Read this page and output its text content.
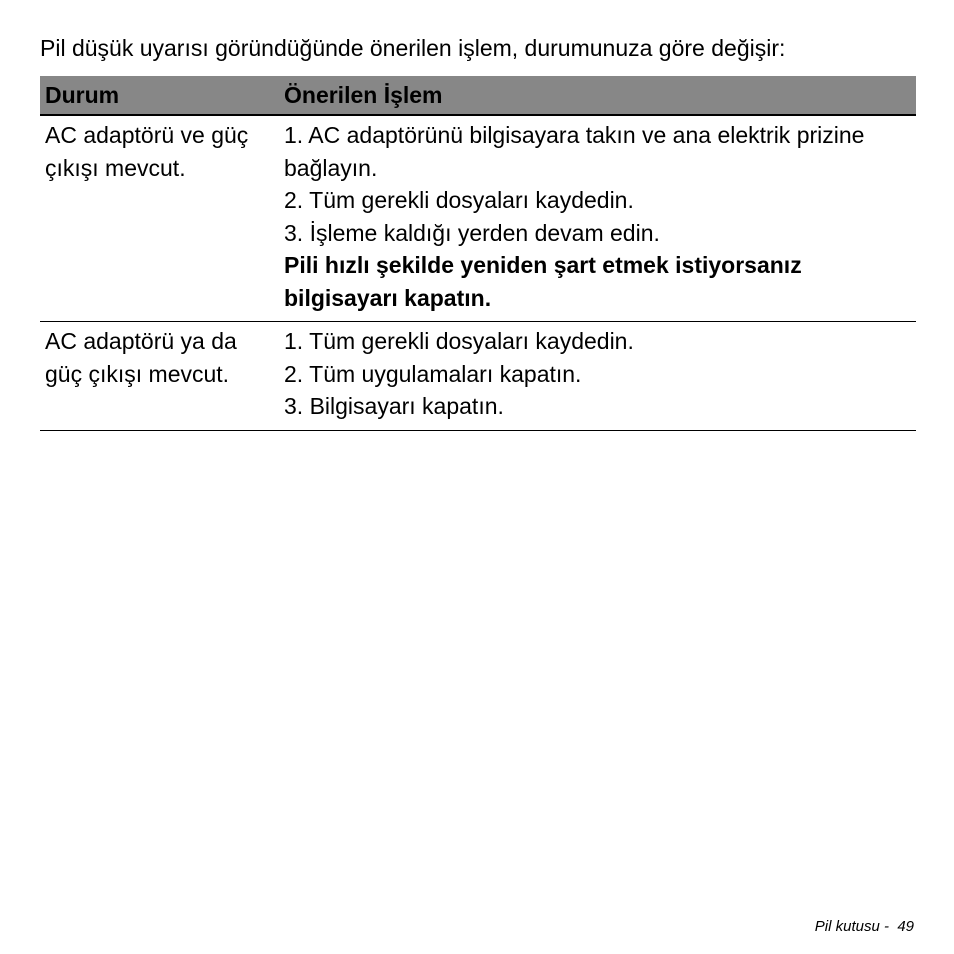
Pil düşük uyarısı göründüğünde önerilen işlem, durumunuza göre değişir:

Durum	Önerilen İşlem
AC adaptörü ve güç çıkışı mevcut.	1. AC adaptörünü bilgisayara takın ve ana elektrik prizine bağlayın.
2. Tüm gerekli dosyaları kaydedin.
3. İşleme kaldığı yerden devam edin.
Pili hızlı şekilde yeniden şart etmek istiyorsanız bilgisayarı kapatın.

AC adaptörü ya da güç çıkışı mevcut.	1. Tüm gerekli dosyaları kaydedin.
2. Tüm uygulamaları kapatın.
3. Bilgisayarı kapatın.
Pil kutusu -  49
